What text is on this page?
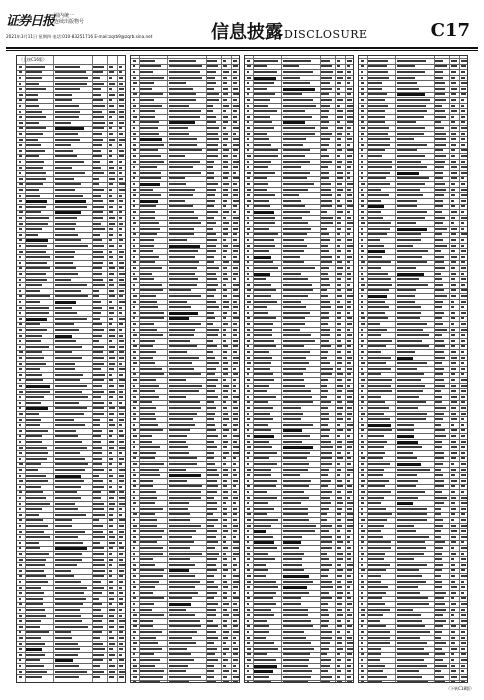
证券日报 国内统一
连续出版物号
2021年3月11日 星期四 电话:010-83251716 E-mail:zqrb9@zqrb.sina.net	信息披露DISCLOSURE	C17
（上接C16版）
（下转C18版）
